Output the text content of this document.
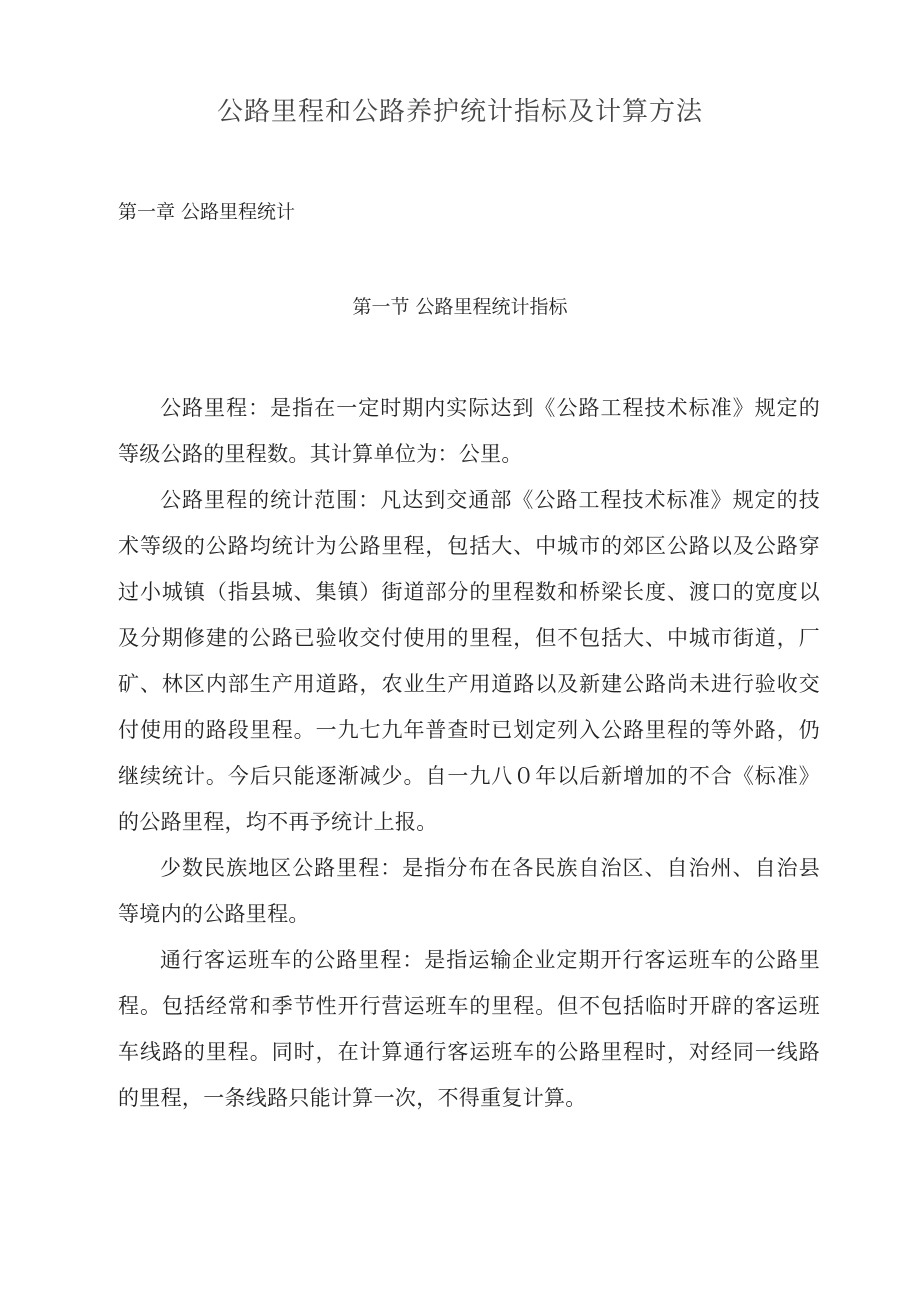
公路里程和公路养护统计指标及计算方法
第一章 公路里程统计
第一节 公路里程统计指标

公路里程：是指在一定时期内实际达到《公路工程技术标准》规定的等级公路的里程数。其计算单位为：公里。

公路里程的统计范围：凡达到交通部《公路工程技术标准》规定的技术等级的公路均统计为公路里程，包括大、中城市的郊区公路以及公路穿过小城镇（指县城、集镇）街道部分的里程数和桥梁长度、渡口的宽度以及分期修建的公路已验收交付使用的里程，但不包括大、中城市街道，厂矿、林区内部生产用道路，农业生产用道路以及新建公路尚未进行验收交付使用的路段里程。一九七九年普查时已划定列入公路里程的等外路，仍继续统计。今后只能逐渐减少。自一九八０年以后新增加的不合《标准》的公路里程，均不再予统计上报。

少数民族地区公路里程：是指分布在各民族自治区、自治州、自治县等境内的公路里程。

通行客运班车的公路里程：是指运输企业定期开行客运班车的公路里程。包括经常和季节性开行营运班车的里程。但不包括临时开辟的客运班车线路的里程。同时，在计算通行客运班车的公路里程时，对经同一线路的里程，一条线路只能计算一次，不得重复计算。
